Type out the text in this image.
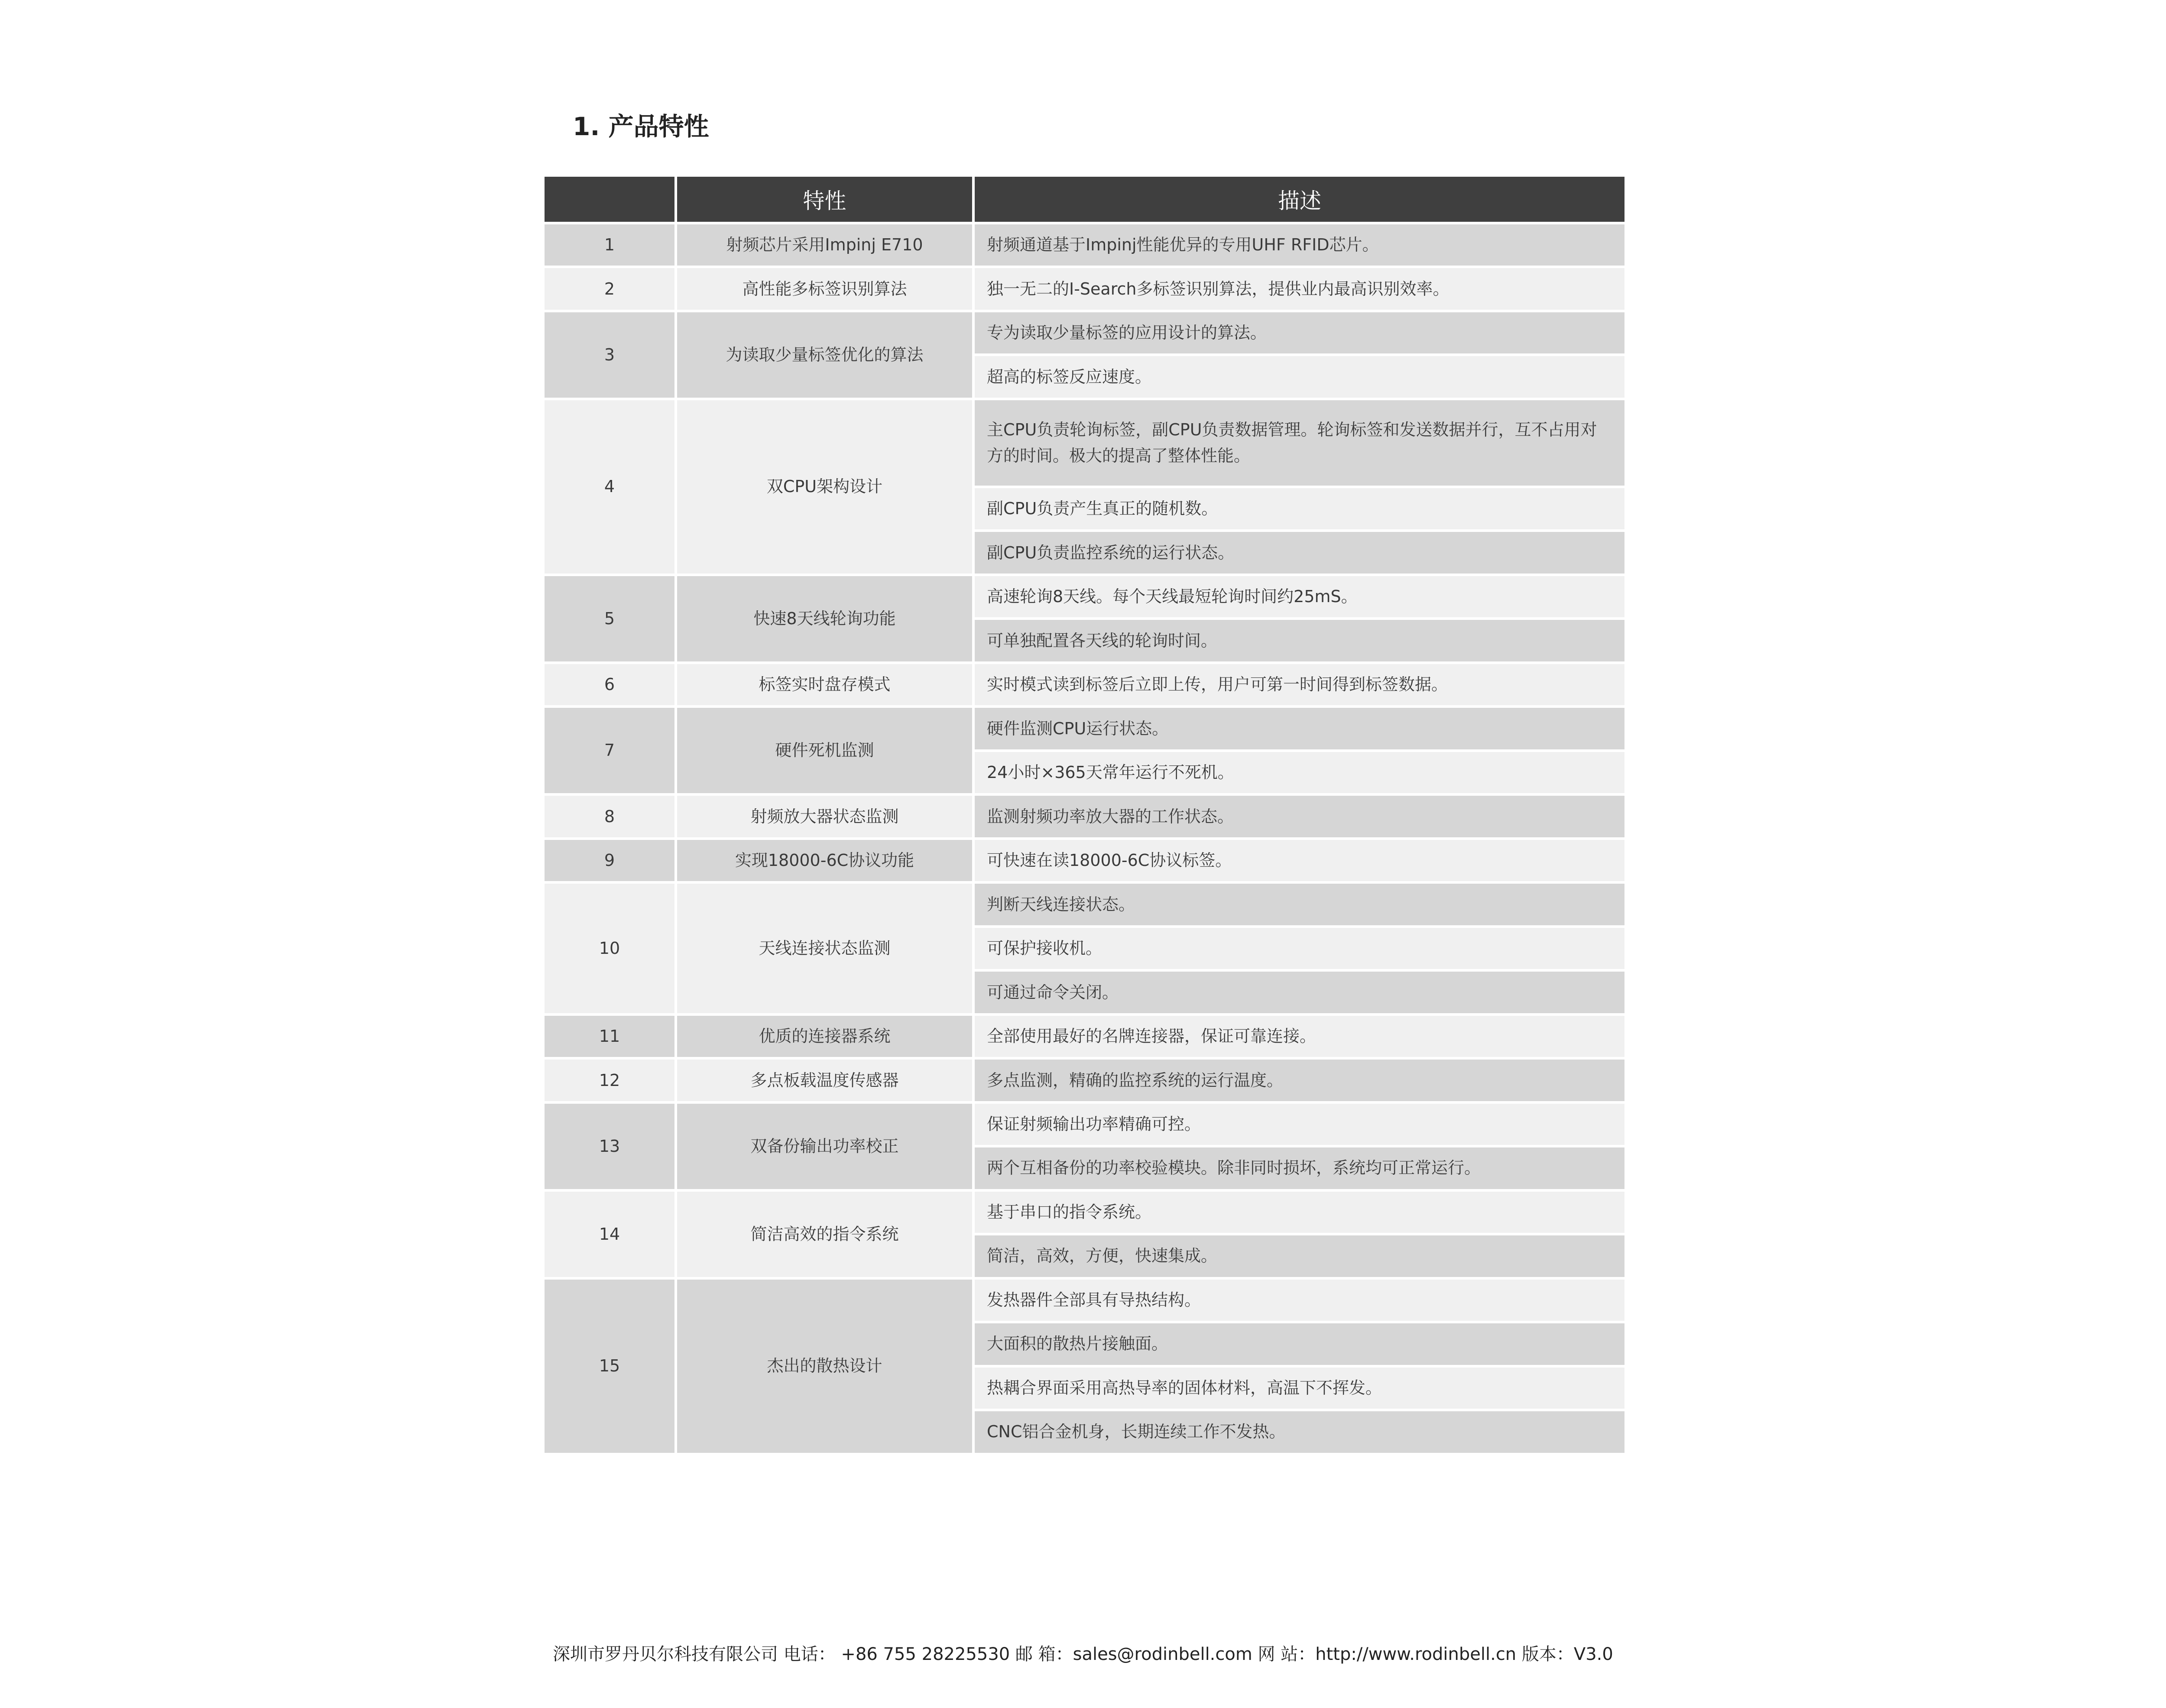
1. 产品特性
特性	描述
1	射频芯片采用Impinj E710	射频通道基于Impinj性能优异的专用UHF RFID芯片。
2	高性能多标签识别算法	独一无二的I-Search多标签识别算法，提供业内最高识别效率。
3	为读取少量标签优化的算法
专为读取少量标签的应用设计的算法。
超高的标签反应速度。
4	双CPU架构设计
主CPU负责轮询标签，副CPU负责数据管理。轮询标签和发送数据并行，互不占用对方的时间。极大的提高了整体性能。
副CPU负责产生真正的随机数。
副CPU负责监控系统的运行状态。
5	快速8天线轮询功能
高速轮询8天线。每个天线最短轮询时间约25mS。
可单独配置各天线的轮询时间。
6	标签实时盘存模式	实时模式读到标签后立即上传，用户可第一时间得到标签数据。
7	硬件死机监测
硬件监测CPU运行状态。
24小时×365天常年运行不死机。
8	射频放大器状态监测	监测射频功率放大器的工作状态。
9	实现18000-6C协议功能	可快速在读18000-6C协议标签。
10	天线连接状态监测
判断天线连接状态。
可保护接收机。
可通过命令关闭。
11	优质的连接器系统	全部使用最好的名牌连接器，保证可靠连接。
12	多点板载温度传感器	多点监测，精确的监控系统的运行温度。
13	双备份输出功率校正
保证射频输出功率精确可控。
两个互相备份的功率校验模块。除非同时损坏，系统均可正常运行。
14	简洁高效的指令系统
基于串口的指令系统。
简洁，高效，方便，快速集成。
15	杰出的散热设计
发热器件全部具有导热结构。
大面积的散热片接触面。
热耦合界面采用高热导率的固体材料，高温下不挥发。
CNC铝合金机身，长期连续工作不发热。
深圳市罗丹贝尔科技有限公司 电话： +86 755 28225530 邮 箱：sales@rodinbell.com 网 站：http://www.rodinbell.cn 版本：V3.0
